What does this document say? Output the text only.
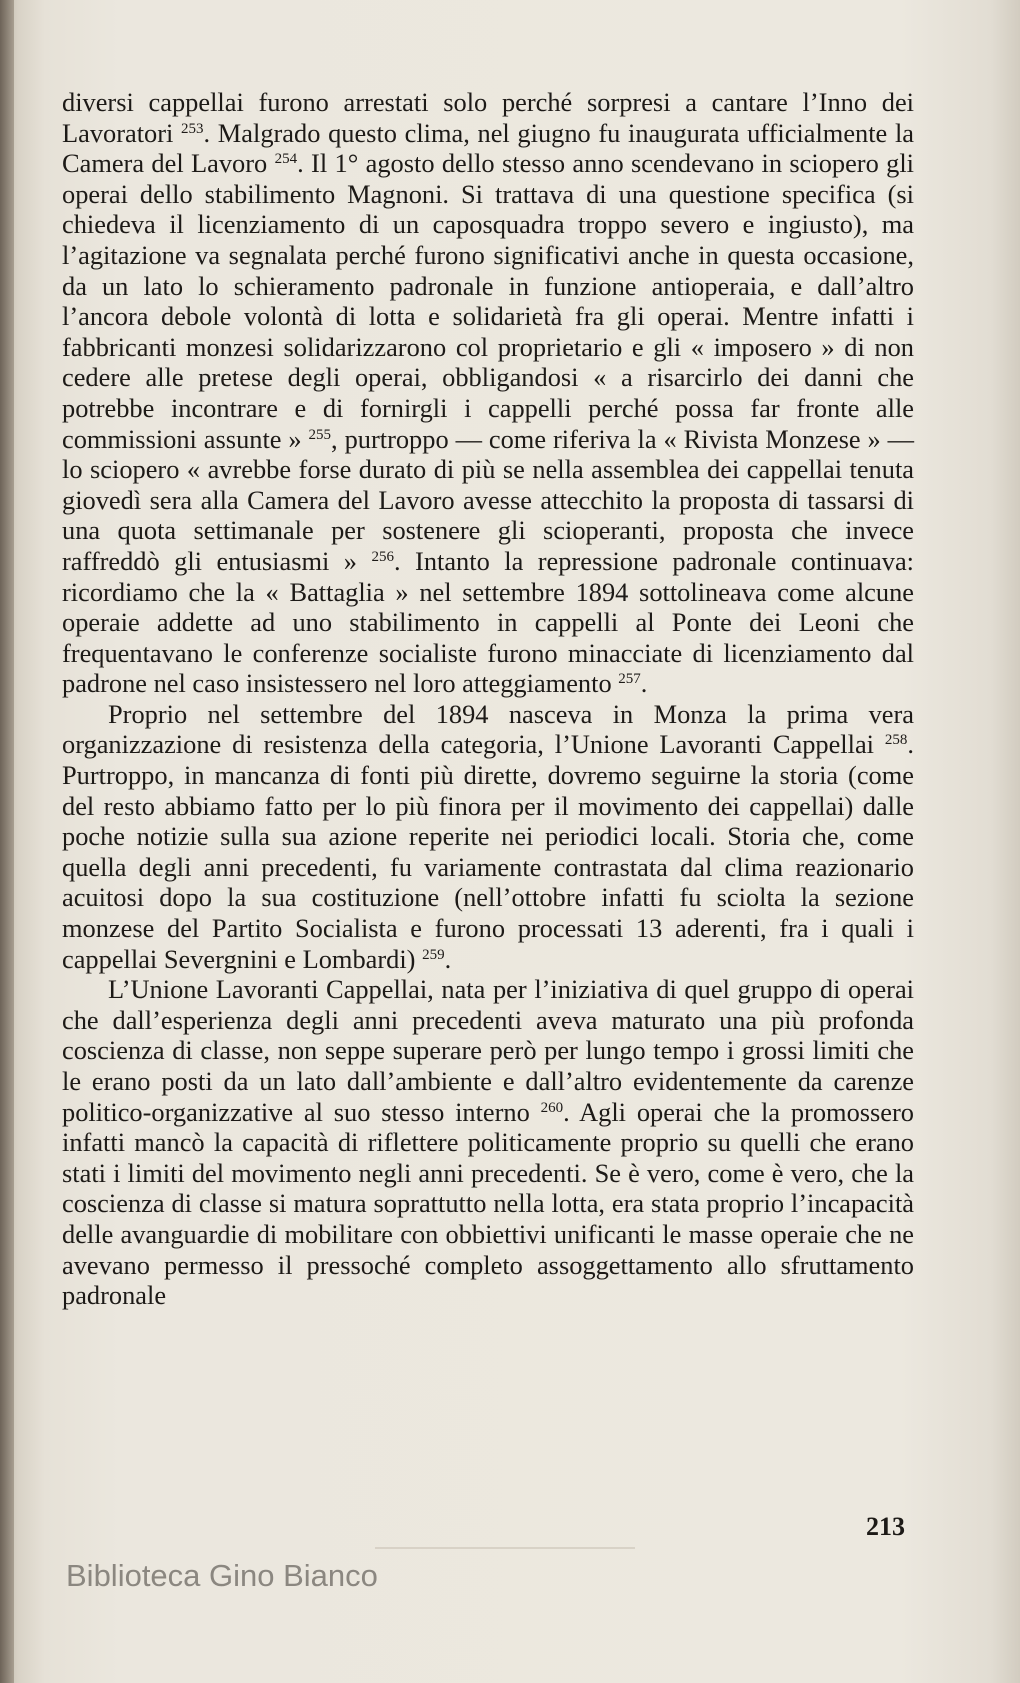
diversi cappellai furono arrestati solo perché sorpresi a cantare l’Inno dei Lavoratori $^{253}$. Malgrado questo clima, nel giugno fu inaugurata ufficialmente la Camera del Lavoro $^{254}$. Il 1° agosto dello stesso anno scendevano in sciopero gli operai dello stabilimento Magnoni. Si trattava di una questione specifica (si chiedeva il licenziamento di un caposquadra troppo severo e ingiusto), ma l’agitazione va segnalata perché furono significativi anche in questa occasione, da un lato lo schieramento padronale in funzione antioperaia, e dall’altro l’ancora debole volontà di lotta e solidarietà fra gli operai. Mentre infatti i fabbricanti monzesi solidarizzarono col proprietario e gli « imposero » di non cedere alle pretese degli operai, obbligandosi « a risarcirlo dei danni che potrebbe incontrare e di fornirgli i cappelli perché possa far fronte alle commissioni assunte » $^{255}$, purtroppo — come riferiva la « Rivista Monzese » — lo sciopero « avrebbe forse durato di più se nella assemblea dei cappellai tenuta giovedì sera alla Camera del Lavoro avesse attecchito la proposta di tassarsi di una quota settimanale per sostenere gli scioperanti, proposta che invece raffreddò gli entusiasmi » $^{256}$. Intanto la repressione padronale continuava: ricordiamo che la « Battaglia » nel settembre 1894 sottolineava come alcune operaie addette ad uno stabilimento in cappelli al Ponte dei Leoni che frequentavano le conferenze socialiste furono minacciate di licenziamento dal padrone nel caso insistessero nel loro atteggiamento $^{257}$.

Proprio nel settembre del 1894 nasceva in Monza la prima vera organizzazione di resistenza della categoria, l’Unione Lavoranti Cappellai $^{258}$. Purtroppo, in mancanza di fonti più dirette, dovremo seguirne la storia (come del resto abbiamo fatto per lo più finora per il movimento dei cappellai) dalle poche notizie sulla sua azione reperite nei periodici locali. Storia che, come quella degli anni precedenti, fu variamente contrastata dal clima reazionario acuitosi dopo la sua costituzione (nell’ottobre infatti fu sciolta la sezione monzese del Partito Socialista e furono processati 13 aderenti, fra i quali i cappellai Severgnini e Lombardi) $^{259}$.

L’Unione Lavoranti Cappellai, nata per l’iniziativa di quel gruppo di operai che dall’esperienza degli anni precedenti aveva maturato una più profonda coscienza di classe, non seppe superare però per lungo tempo i grossi limiti che le erano posti da un lato dall’ambiente e dall’altro evidentemente da carenze politico-organizzative al suo stesso interno $^{260}$. Agli operai che la promossero infatti mancò la capacità di riflettere politicamente proprio su quelli che erano stati i limiti del movimento negli anni precedenti. Se è vero, come è vero, che la coscienza di classe si matura soprattutto nella lotta, era stata proprio l’incapacità delle avanguardie di mobilitare con obbiettivi unificanti le masse operaie che ne avevano permesso il pressoché completo assoggettamento allo sfruttamento padronale

213
Biblioteca Gino Bianco
